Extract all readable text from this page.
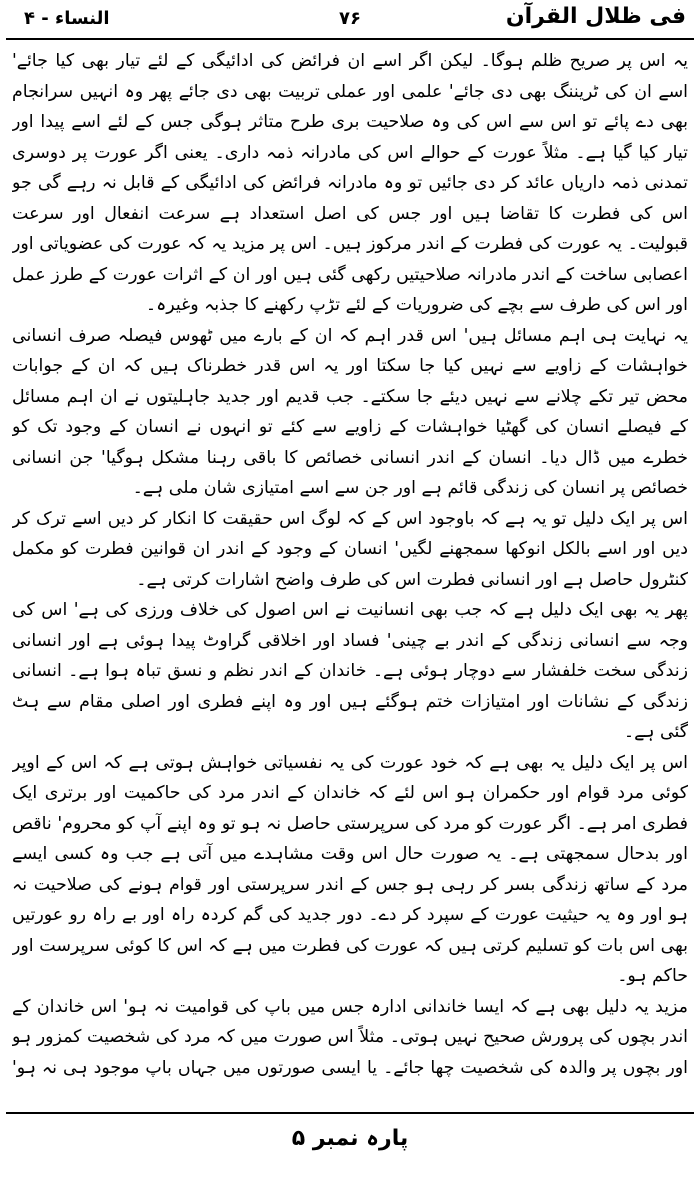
فی ظلال القرآن
۷۶
النساء - ۴

یہ اس پر صریح ظلم ہوگا۔ لیکن اگر اسے ان فرائض کی ادائیگی کے لئے تیار بھی کیا جائے' اسے ان کی ٹریننگ بھی دی جائے' علمی اور عملی تربیت بھی دی جائے پھر وہ انہیں سرانجام بھی دے پائے تو اس سے اس کی وہ صلاحیت بری طرح متاثر ہوگی جس کے لئے اسے پیدا اور تیار کیا گیا ہے۔ مثلاً عورت کے حوالے اس کی مادرانہ ذمہ داری۔ یعنی اگر عورت پر دوسری تمدنی ذمہ داریاں عائد کر دی جائیں تو وہ مادرانہ فرائض کی ادائیگی کے قابل نہ رہے گی جو اس کی فطرت کا تقاضا ہیں اور جس کی اصل استعداد ہے سرعت انفعال اور سرعت قبولیت۔ یہ عورت کی فطرت کے اندر مرکوز ہیں۔ اس پر مزید یہ کہ عورت کی عضویاتی اور اعصابی ساخت کے اندر مادرانہ صلاحیتیں رکھی گئی ہیں اور ان کے اثرات عورت کے طرز عمل اور اس کی طرف سے بچے کی ضروریات کے لئے تڑپ رکھنے کا جذبہ وغیرہ۔

یہ نہایت ہی اہم مسائل ہیں' اس قدر اہم کہ ان کے بارے میں ٹھوس فیصلہ صرف انسانی خواہشات کے زاویے سے نہیں کیا جا سکتا اور یہ اس قدر خطرناک ہیں کہ ان کے جوابات محض تیر تکے چلانے سے نہیں دیئے جا سکتے۔ جب قدیم اور جدید جاہلیتوں نے ان اہم مسائل کے فیصلے انسان کی گھٹیا خواہشات کے زاویے سے کئے تو انہوں نے انسان کے وجود تک کو خطرے میں ڈال دیا۔ انسان کے اندر انسانی خصائص کا باقی رہنا مشکل ہوگیا' جن انسانی خصائص پر انسان کی زندگی قائم ہے اور جن سے اسے امتیازی شان ملی ہے۔

اس پر ایک دلیل تو یہ ہے کہ باوجود اس کے کہ لوگ اس حقیقت کا انکار کر دیں اسے ترک کر دیں اور اسے بالکل انوکھا سمجھنے لگیں' انسان کے وجود کے اندر ان قوانین فطرت کو مکمل کنٹرول حاصل ہے اور انسانی فطرت اس کی طرف واضح اشارات کرتی ہے۔

پھر یہ بھی ایک دلیل ہے کہ جب بھی انسانیت نے اس اصول کی خلاف ورزی کی ہے' اس کی وجہ سے انسانی زندگی کے اندر بے چینی' فساد اور اخلاقی گراوٹ پیدا ہوئی ہے اور انسانی زندگی سخت خلفشار سے دوچار ہوئی ہے۔ خاندان کے اندر نظم و نسق تباہ ہوا ہے۔ انسانی زندگی کے نشانات اور امتیازات ختم ہوگئے ہیں اور وہ اپنے فطری اور اصلی مقام سے ہٹ گئی ہے۔

اس پر ایک دلیل یہ بھی ہے کہ خود عورت کی یہ نفسیاتی خواہش ہوتی ہے کہ اس کے اوپر کوئی مرد قوام اور حکمران ہو اس لئے کہ خاندان کے اندر مرد کی حاکمیت اور برتری ایک فطری امر ہے۔ اگر عورت کو مرد کی سرپرستی حاصل نہ ہو تو وہ اپنے آپ کو محروم' ناقص اور بدحال سمجھتی ہے۔ یہ صورت حال اس وقت مشاہدے میں آتی ہے جب وہ کسی ایسے مرد کے ساتھ زندگی بسر کر رہی ہو جس کے اندر سرپرستی اور قوام ہونے کی صلاحیت نہ ہو اور وہ یہ حیثیت عورت کے سپرد کر دے۔ دور جدید کی گم کردہ راہ اور بے راہ رو عورتیں بھی اس بات کو تسلیم کرتی ہیں کہ عورت کی فطرت میں ہے کہ اس کا کوئی سرپرست اور حاکم ہو۔

مزید یہ دلیل بھی ہے کہ ایسا خاندانی ادارہ جس میں باپ کی قوامیت نہ ہو' اس خاندان کے اندر بچوں کی پرورش صحیح نہیں ہوتی۔ مثلاً اس صورت میں کہ مرد کی شخصیت کمزور ہو اور بچوں پر والدہ کی شخصیت چھا جائے۔ یا ایسی صورتوں میں جہاں باپ موجود ہی نہ ہو'

پارہ نمبر ۵
